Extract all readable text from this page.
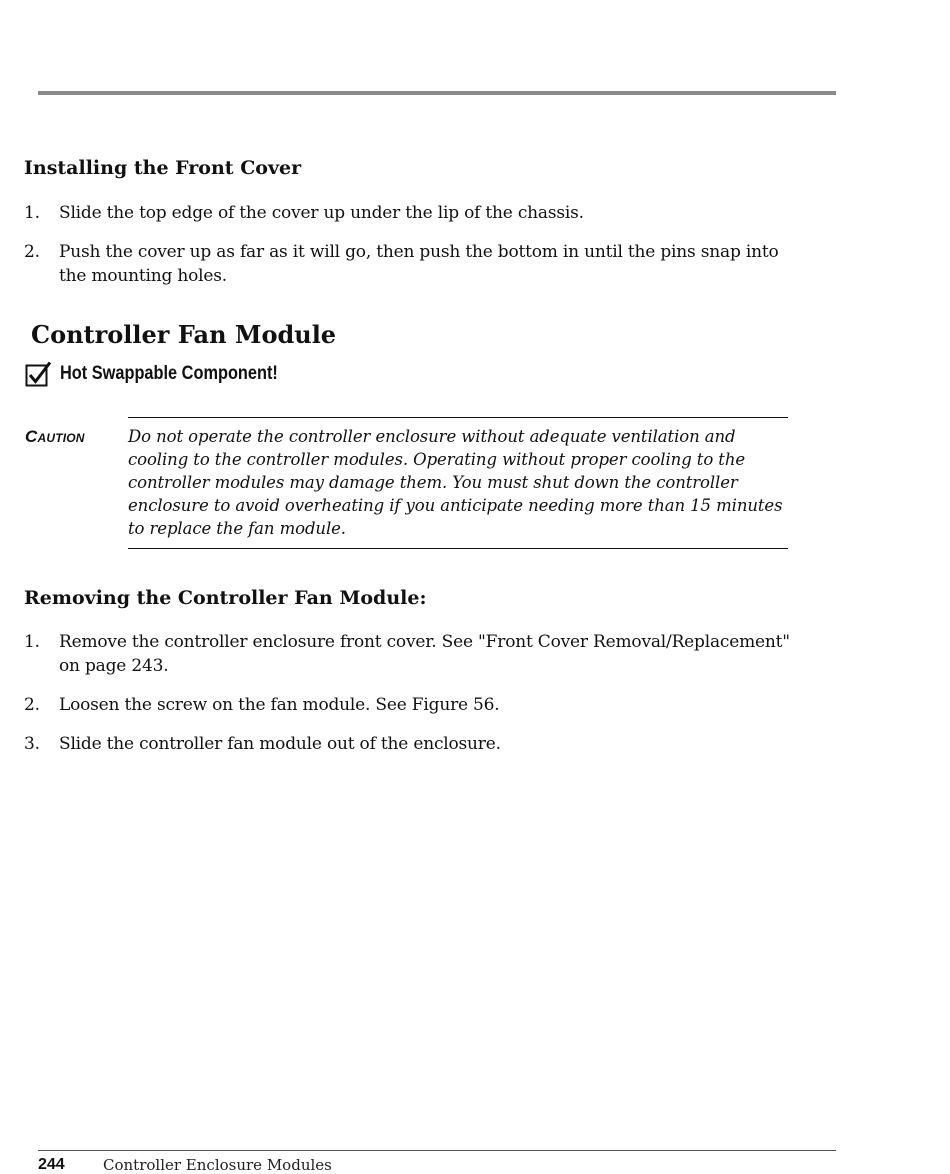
Installing the Front Cover
1. Slide the top edge of the cover up under the lip of the chassis.
2. Push the cover up as far as it will go, then push the bottom in until the pins snap into the mounting holes.
Controller Fan Module
Hot Swappable Component!
Caution	Do not operate the controller enclosure without adequate ventilation and cooling to the controller modules. Operating without proper cooling to the controller modules may damage them. You must shut down the controller enclosure to avoid overheating if you anticipate needing more than 15 minutes to replace the fan module.

Removing the Controller Fan Module:
1. Remove the controller enclosure front cover. See "Front Cover Removal/Replacement" on page 243.
2. Loosen the screw on the fan module. See Figure 56.
3. Slide the controller fan module out of the enclosure.
244	Controller Enclosure Modules
